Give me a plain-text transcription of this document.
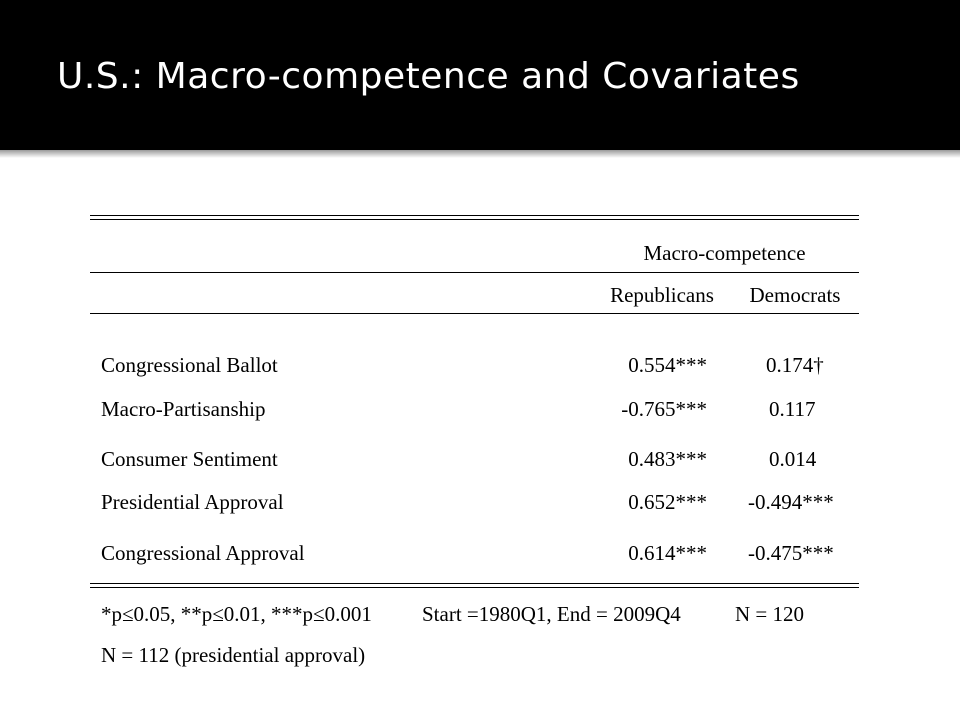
U.S.: Macro-competence and Covariates
Macro-competence
Republicans	Democrats
Congressional Ballot	0.554***	0.174†
Macro-Partisanship	-0.765***	0.117
Consumer Sentiment	0.483***	0.014
Presidential Approval	0.652*** -0.494***
Congressional Approval	0.614*** -0.475***
*p≤0.05, **p≤0.01, ***p≤0.001 Start =1980Q1, End = 2009Q4	N = 120
N = 112 (presidential approval)
